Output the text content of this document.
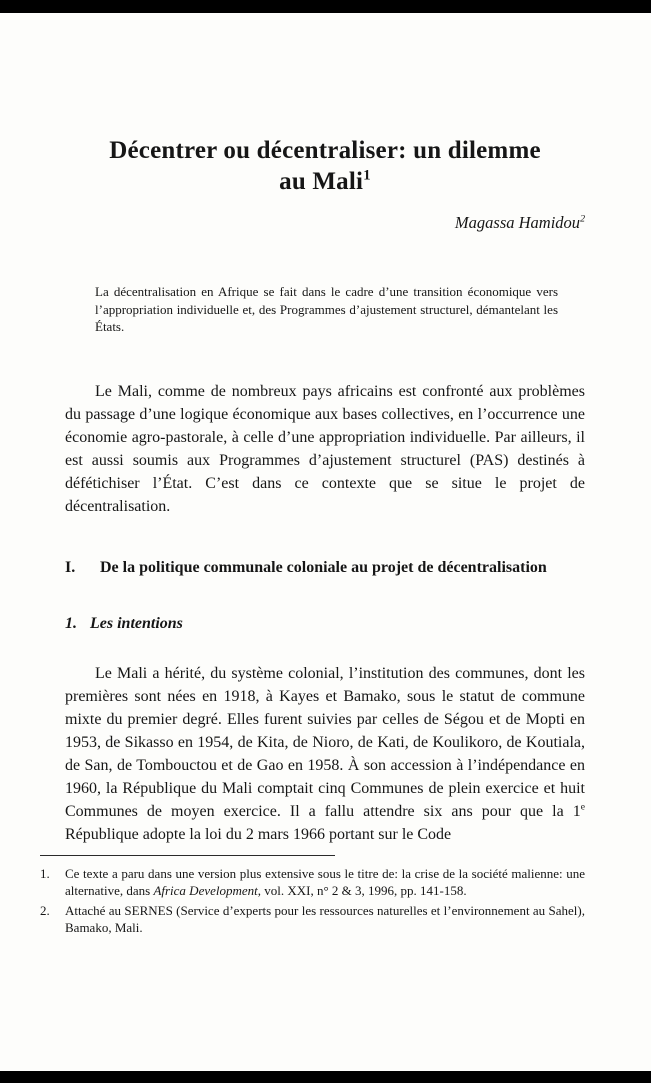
Décentrer ou décentraliser: un dilemme
au Mali$^1$
Magassa Hamidou$^2$
La décentralisation en Afrique se fait dans le cadre d’une transition économique vers l’appropriation individuelle et, des Programmes d’ajustement structurel, démantelant les États.

Le Mali, comme de nombreux pays africains est confronté aux problèmes du passage d’une logique économique aux bases collectives, en l’occurrence une économie agro-pastorale, à celle d’une appropriation individuelle. Par ailleurs, il est aussi soumis aux Programmes d’ajustement structurel (PAS) destinés à défétichiser l’État. C’est dans ce contexte que se situe le projet de décentralisation.

I. De la politique communale coloniale au projet de décentralisation
1. Les intentions

Le Mali a hérité, du système colonial, l’institution des communes, dont les premières sont nées en 1918, à Kayes et Bamako, sous le statut de commune mixte du premier degré. Elles furent suivies par celles de Ségou et de Mopti en 1953, de Sikasso en 1954, de Kita, de Nioro, de Kati, de Koulikoro, de Koutiala, de San, de Tombouctou et de Gao en 1958. À son accession à l’indépendance en 1960, la République du Mali comptait cinq Communes de plein exercice et huit Communes de moyen exercice. Il a fallu attendre six ans pour que la 1e République adopte la loi du 2 mars 1966 portant sur le Code

1. Ce texte a paru dans une version plus extensive sous le titre de: la crise de la société malienne: une alternative, dans Africa Development, vol. XXI, n° 2 & 3, 1996, pp. 141-158.
2. Attaché au SERNES (Service d’experts pour les ressources naturelles et l’environnement au Sahel), Bamako, Mali.
